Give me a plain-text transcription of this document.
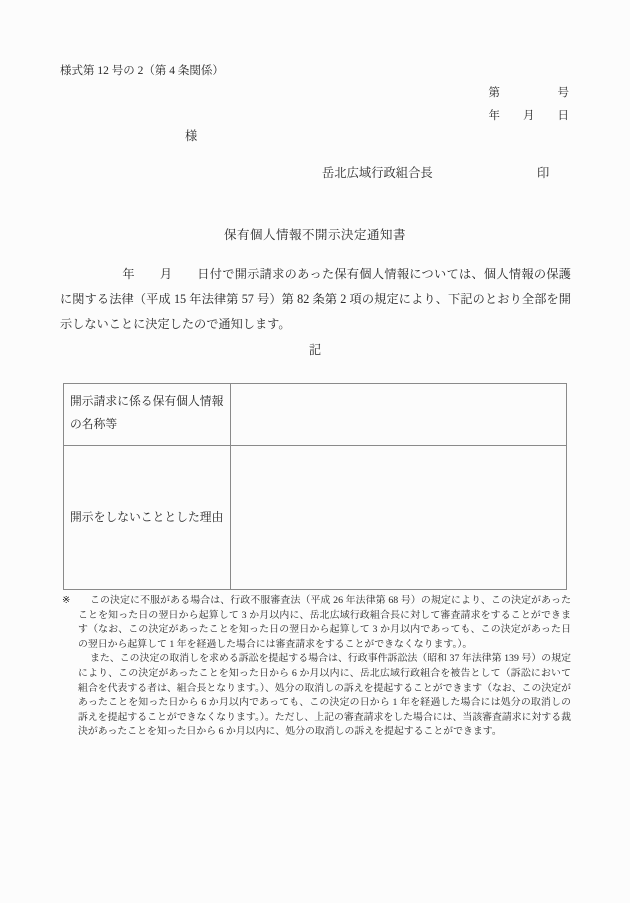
様式第 12 号の 2（第 4 条関係）
第　　　　　号
年　　月　　日
様
岳北広域行政組合長	印
保有個人情報不開示決定通知書

　　　　　年　　月　　日付で開示請求のあった保有個人情報については、個人情報の保護に関する法律（平成 15 年法律第 57 号）第 82 条第 2 項の規定により、下記のとおり全部を開示しないことに決定したので通知します。

記
開示請求に係る保有個人情報の名称等	
開示をしないこととした理由	
※	この決定に不服がある場合は、行政不服審査法（平成 26 年法律第 68 号）の規定により、この決定があったことを知った日の翌日から起算して 3 か月以内に、岳北広域行政組合長に対して審査請求をすることができます（なお、この決定があったことを知った日の翌日から起算して 3 か月以内であっても、この決定があった日の翌日から起算して 1 年を経過した場合には審査請求をすることができなくなります。）。

また、この決定の取消しを求める訴訟を提起する場合は、行政事件訴訟法（昭和 37 年法律第 139 号）の規定により、この決定があったことを知った日から 6 か月以内に、岳北広域行政組合を被告として（訴訟において組合を代表する者は、組合長となります。）、処分の取消しの訴えを提起することができます（なお、この決定があったことを知った日から 6 か月以内であっても、この決定の日から 1 年を経過した場合には処分の取消しの訴えを提起することができなくなります。）。ただし、上記の審査請求をした場合には、当該審査請求に対する裁決があったことを知った日から 6 か月以内に、処分の取消しの訴えを提起することができます。
